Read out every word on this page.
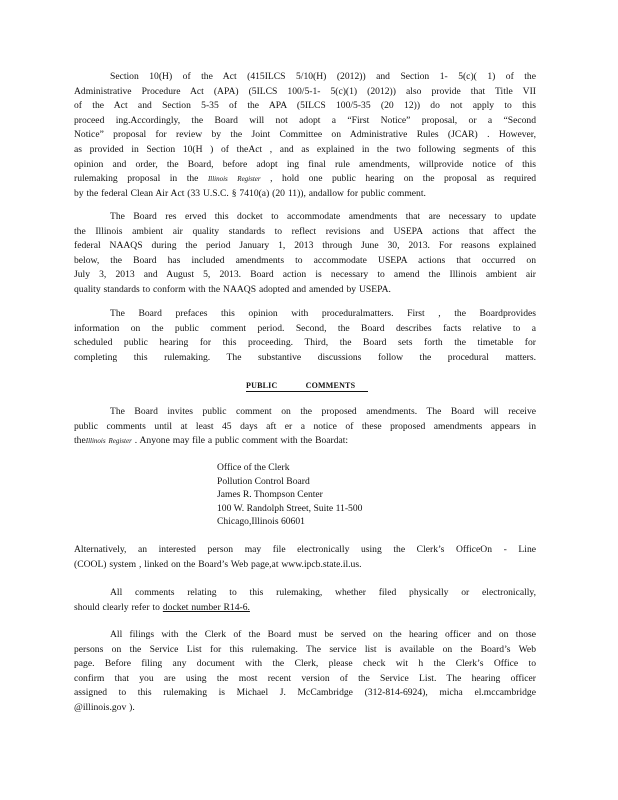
Section 10(H) of the Act (415ILCS 5/10(H) (2012)) and Section 1- 5(c)( 1) of the
Administrative Procedure Act (APA) (5ILCS 100/5-1- 5(c)(1) (2012)) also provide that Title VII
of the Act and Section 5-35 of the APA (5ILCS 100/5-35 (20 12)) do not apply to this
proceed ing.Accordingly, the Board will not adopt a “First Notice” proposal, or a “Second
Notice” proposal for review by the Joint Committee on Administrative Rules (JCAR) . However,
as provided in Section 10(H ) of theAct , and as explained in the two following segments of this
opinion and order, the Board, before adopt ing final rule amendments, willprovide notice of this
rulemaking proposal in the Illinois Register , hold one public hearing on the proposal as required
by the federal Clean Air Act (33 U.S.C. § 7410(a) (20 11)), andallow for public comment.
The Board res erved this docket to accommodate amendments that are necessary to update
the Illinois ambient air quality standards to reflect revisions and USEPA actions that affect the
federal NAAQS during the period January 1, 2013 through June 30, 2013. For reasons explained
below, the Board has included amendments to accommodate USEPA actions that occurred on
July 3, 2013 and August 5, 2013. Board action is necessary to amend the Illinois ambient air
quality standards to conform with the NAAQS adopted and amended by USEPA.
The Board prefaces this opinion with proceduralmatters. First , the Boardprovides
information on the public comment period. Second, the Board describes facts relative to a
scheduled public hearing for this proceeding. Third, the Board sets forth the timetable for
completing this rulemaking. The substantive discussions follow the procedural matters.
PUBLIC COMMENTS
The Board invites public comment on the proposed amendments. The Board will receive
public comments until at least 45 days aft er a notice of these proposed amendments appears in
theIllinois Register . Anyone may file a public comment with the Boardat:
Office of the Clerk
Pollution Control Board
James R. Thompson Center
100 W. Randolph Street, Suite 11-500
Chicago,Illinois 60601
Alternatively, an interested person may file electronically using the Clerk’s OfficeOn - Line
(COOL) system , linked on the Board’s Web page,at www.ipcb.state.il.us.
All comments relating to this rulemaking, whether filed physically or electronically,
should clearly refer to docket number R14-6.
All filings with the Clerk of the Board must be served on the hearing officer and on those
persons on the Service List for this rulemaking. The service list is available on the Board’s Web
page. Before filing any document with the Clerk, please check wit h the Clerk’s Office to
confirm that you are using the most recent version of the Service List. The hearing officer
assigned to this rulemaking is Michael J. McCambridge (312-814-6924), micha el.mccambridge
@illinois.gov ).
